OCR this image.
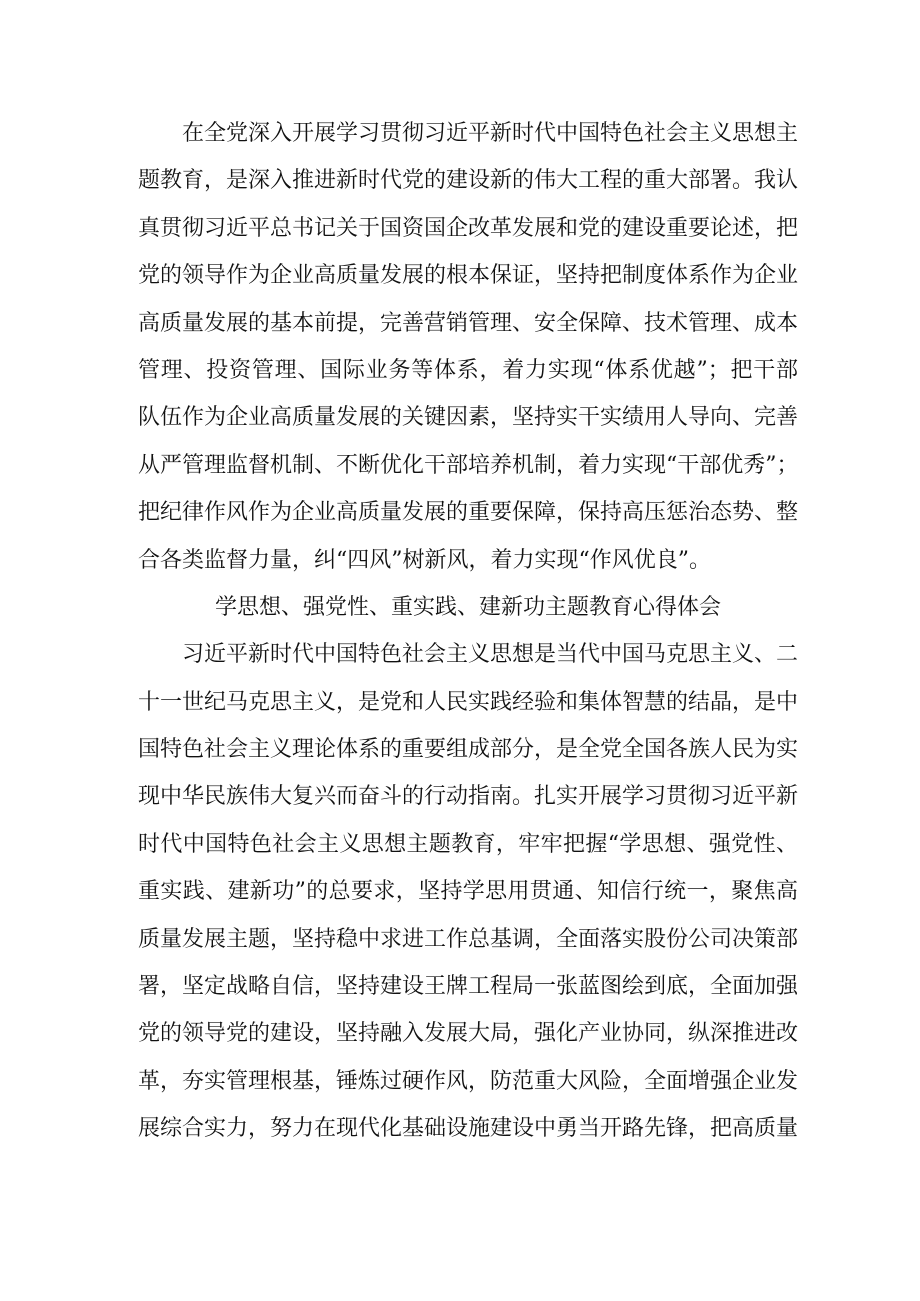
在全党深入开展学习贯彻习近平新时代中国特色社会主义思想主
题教育，是深入推进新时代党的建设新的伟大工程的重大部署。我认
真贯彻习近平总书记关于国资国企改革发展和党的建设重要论述，把
党的领导作为企业高质量发展的根本保证，坚持把制度体系作为企业
高质量发展的基本前提，完善营销管理、安全保障、技术管理、成本
管理、投资管理、国际业务等体系，着力实现“体系优越”；把干部
队伍作为企业高质量发展的关键因素，坚持实干实绩用人导向、完善
从严管理监督机制、不断优化干部培养机制，着力实现“干部优秀”；
把纪律作风作为企业高质量发展的重要保障，保持高压惩治态势、整
合各类监督力量，纠“四风”树新风，着力实现“作风优良”。
学思想、强党性、重实践、建新功主题教育心得体会
习近平新时代中国特色社会主义思想是当代中国马克思主义、二
十一世纪马克思主义，是党和人民实践经验和集体智慧的结晶，是中
国特色社会主义理论体系的重要组成部分，是全党全国各族人民为实
现中华民族伟大复兴而奋斗的行动指南。扎实开展学习贯彻习近平新
时代中国特色社会主义思想主题教育，牢牢把握“学思想、强党性、
重实践、建新功”的总要求，坚持学思用贯通、知信行统一，聚焦高
质量发展主题，坚持稳中求进工作总基调，全面落实股份公司决策部
署，坚定战略自信，坚持建设王牌工程局一张蓝图绘到底，全面加强
党的领导党的建设，坚持融入发展大局，强化产业协同，纵深推进改
革，夯实管理根基，锤炼过硬作风，防范重大风险，全面增强企业发
展综合实力，努力在现代化基础设施建设中勇当开路先锋，把高质量
